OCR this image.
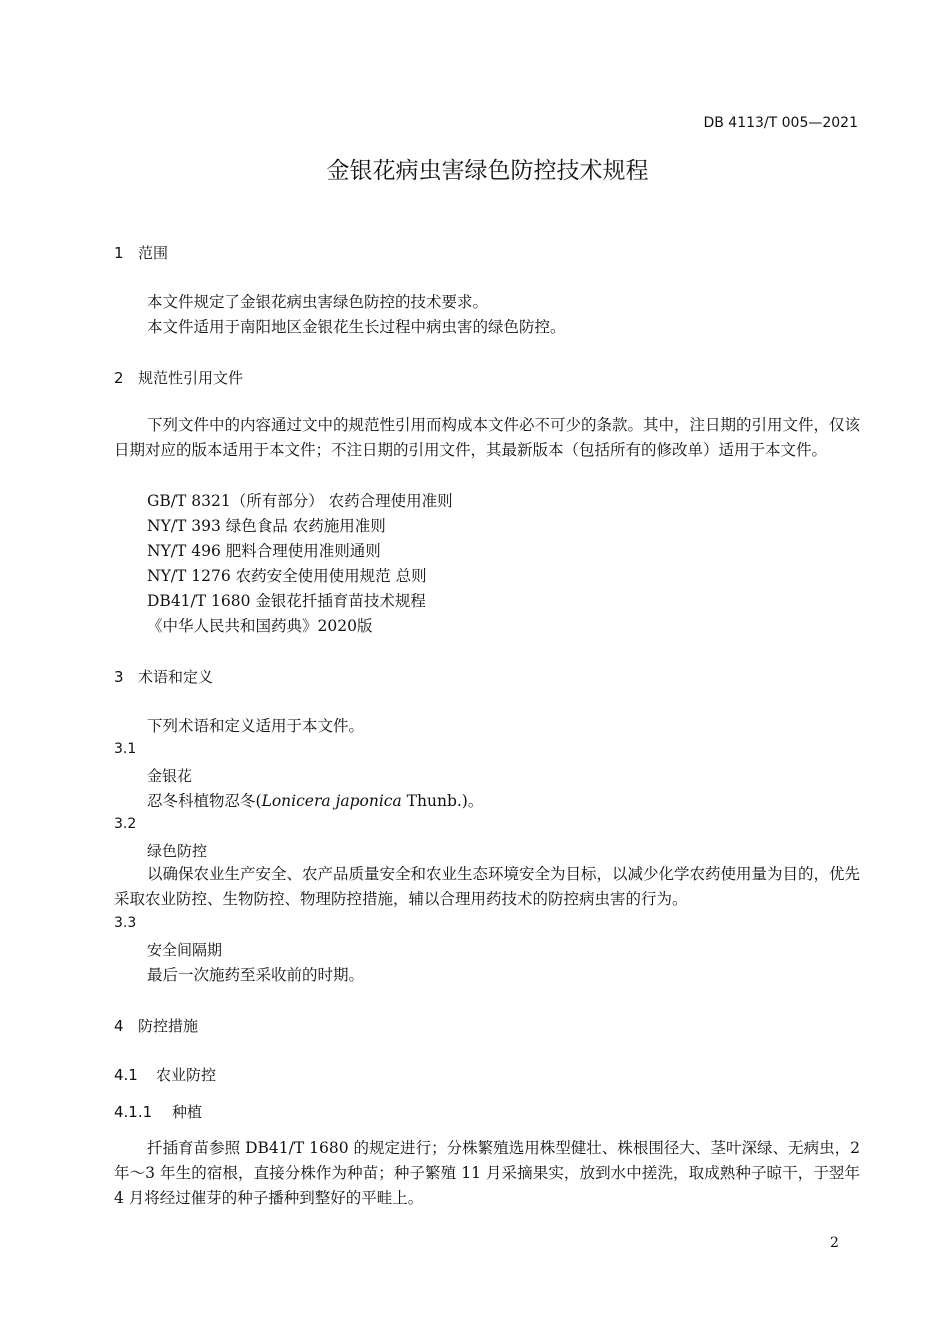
DB 4113/T 005—2021
金银花病虫害绿色防控技术规程
1 范围
本文件规定了金银花病虫害绿色防控的技术要求。
本文件适用于南阳地区金银花生长过程中病虫害的绿色防控。
2 规范性引用文件
下列文件中的内容通过文中的规范性引用而构成本文件必不可少的条款。其中，注日期的引用文件，仅该日期对应的版本适用于本文件；不注日期的引用文件，其最新版本（包括所有的修改单）适用于本文件。
GB/T 8321（所有部分） 农药合理使用准则
NY/T 393 绿色食品 农药施用准则
NY/T 496 肥料合理使用准则通则
NY/T 1276 农药安全使用使用规范 总则
DB41/T 1680 金银花扦插育苗技术规程
《中华人民共和国药典》2020版
3 术语和定义
下列术语和定义适用于本文件。
3.1
金银花
忍冬科植物忍冬(Lonicera japonica Thunb.)。
3.2
绿色防控
以确保农业生产安全、农产品质量安全和农业生态环境安全为目标，以减少化学农药使用量为目的，优先采取农业防控、生物防控、物理防控措施，辅以合理用药技术的防控病虫害的行为。
3.3
安全间隔期
最后一次施药至采收前的时期。
4 防控措施
4.1 农业防控
4.1.1 种植
扦插育苗参照 DB41/T 1680 的规定进行；分株繁殖选用株型健壮、株根围径大、茎叶深绿、无病虫，2 年～3 年生的宿根，直接分株作为种苗；种子繁殖 11 月采摘果实，放到水中搓洗，取成熟种子晾干，于翌年 4 月将经过催芽的种子播种到整好的平畦上。
2
